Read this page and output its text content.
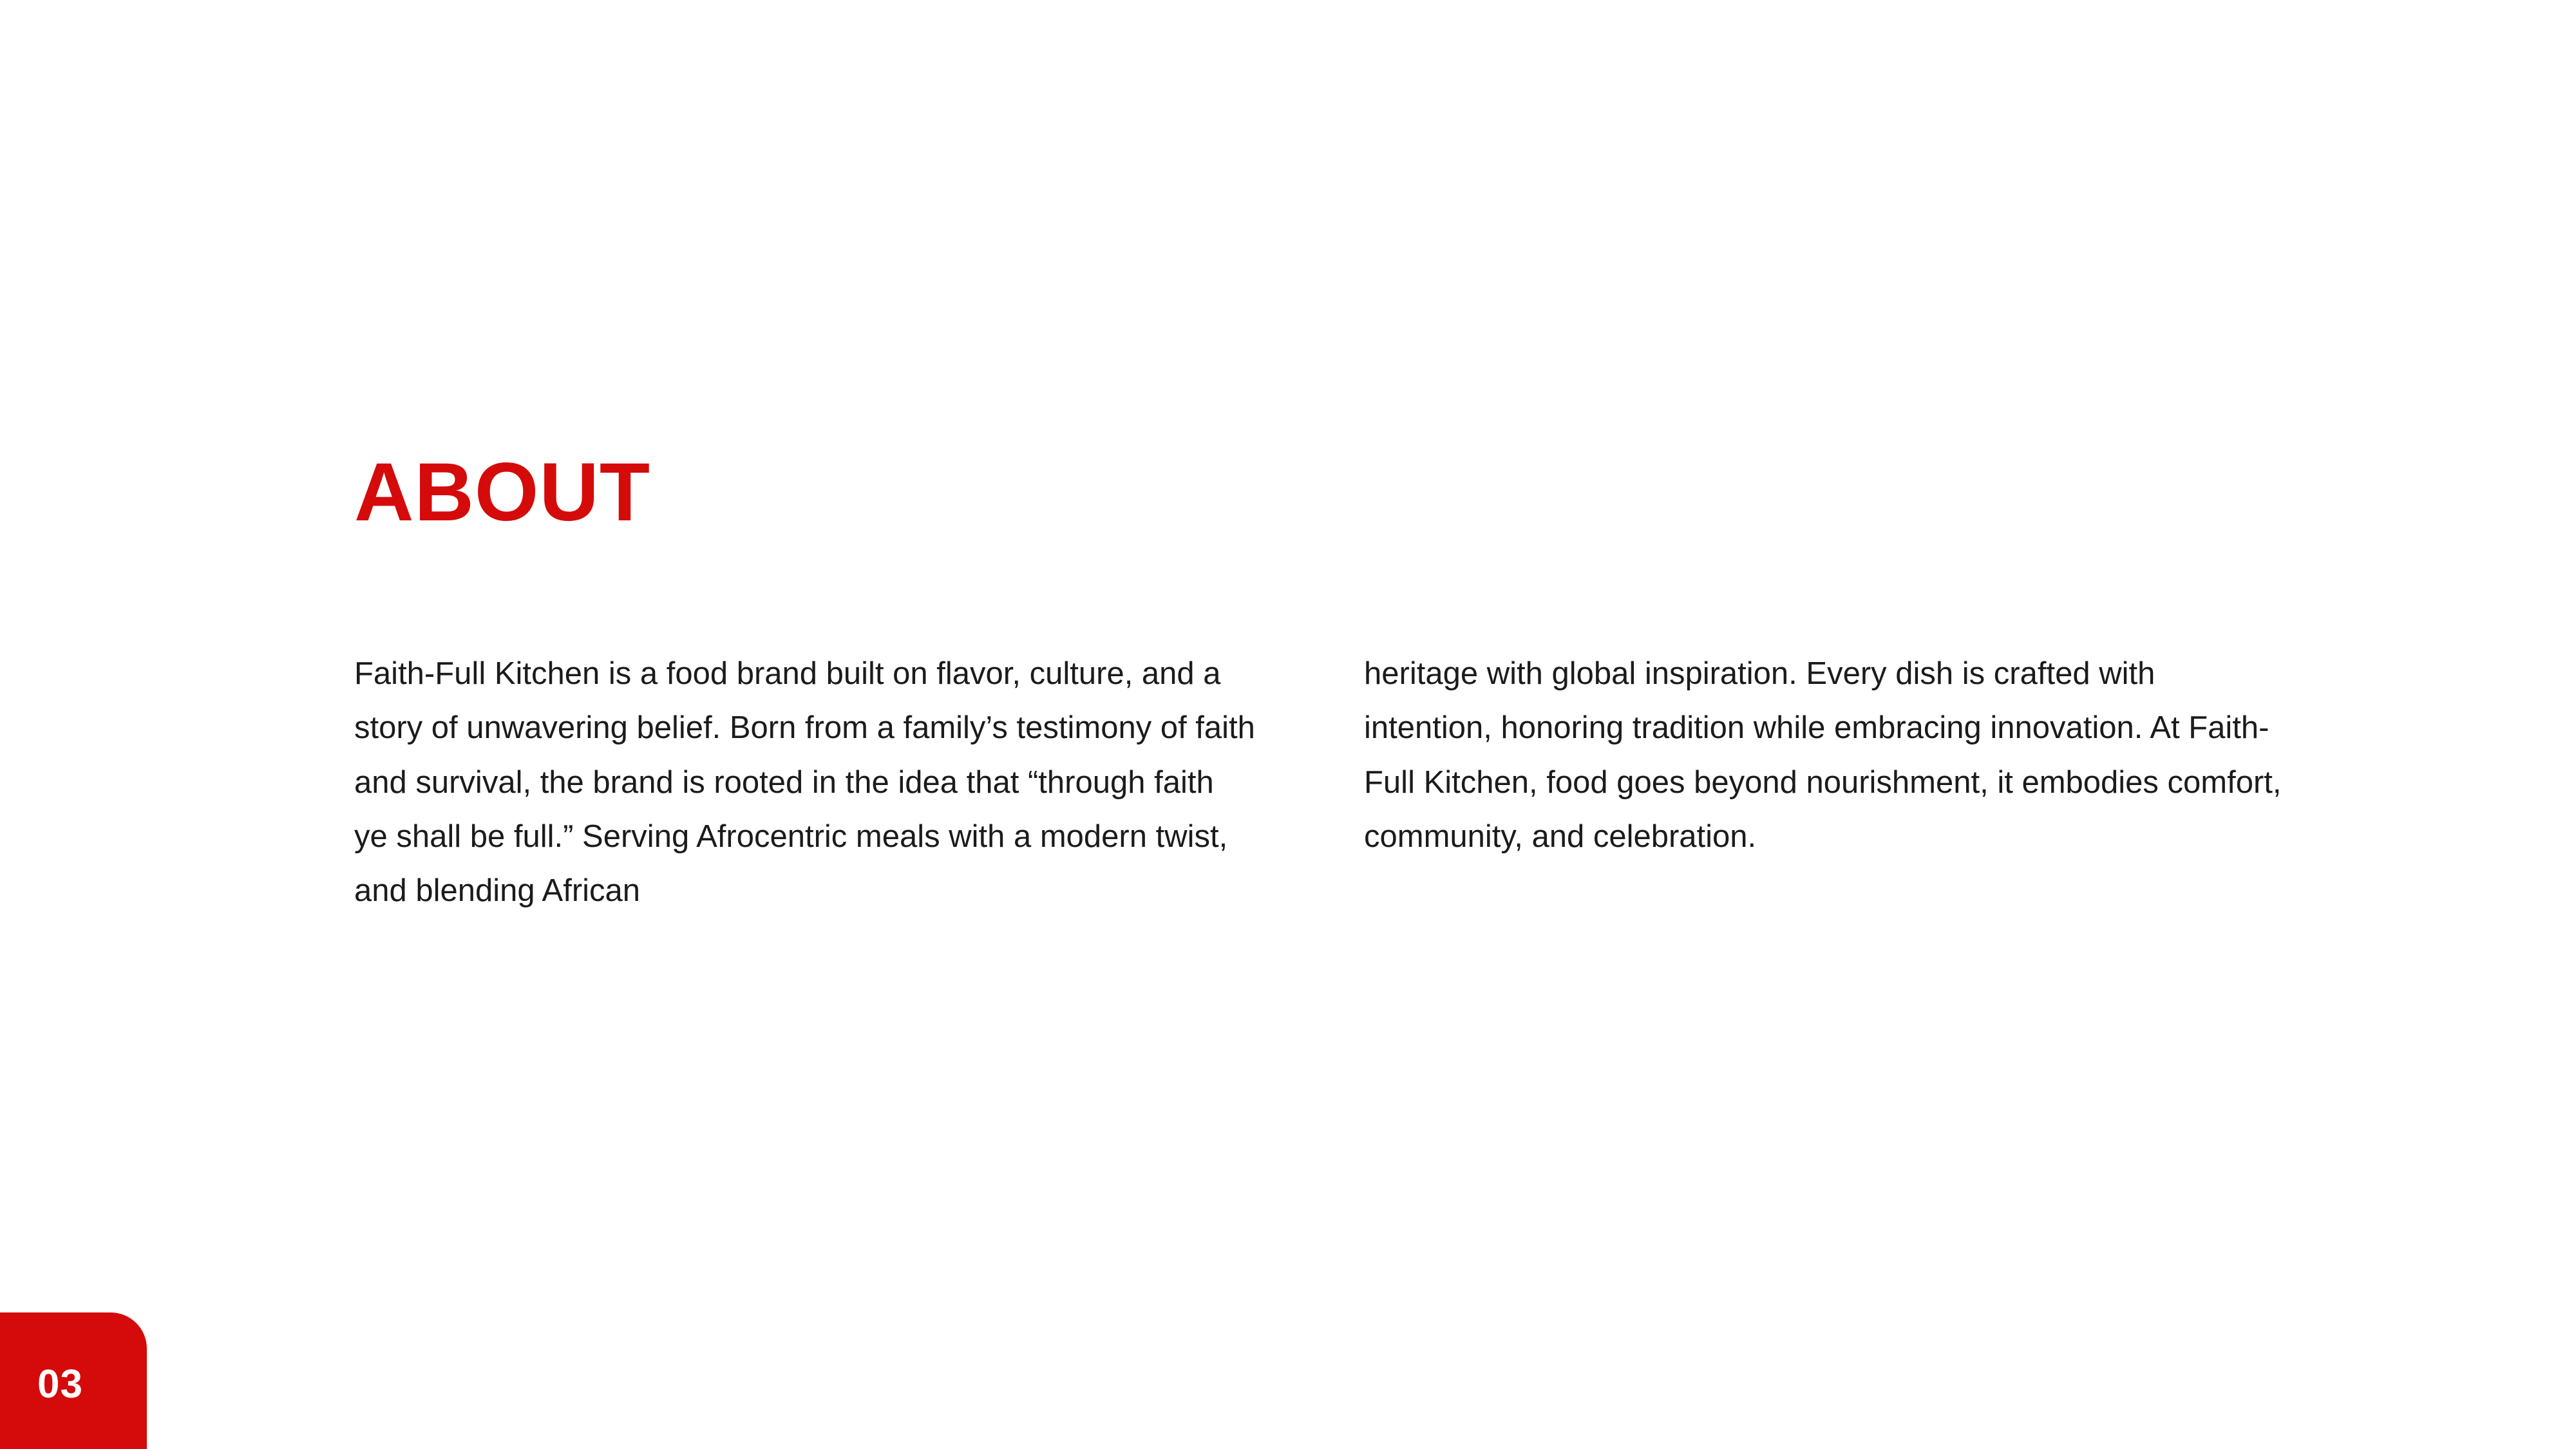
ABOUT

Faith-Full Kitchen is a food brand built on flavor, culture, and a story of unwavering belief. Born from a family’s testimony of faith and survival, the brand is rooted in the idea that “through faith ye shall be full.” Serving Afrocentric meals with a modern twist, and blending African

heritage with global inspiration. Every dish is crafted with intention, honoring tradition while embracing innovation. At Faith-Full Kitchen, food goes beyond nourishment, it embodies comfort, community, and celebration.

03
